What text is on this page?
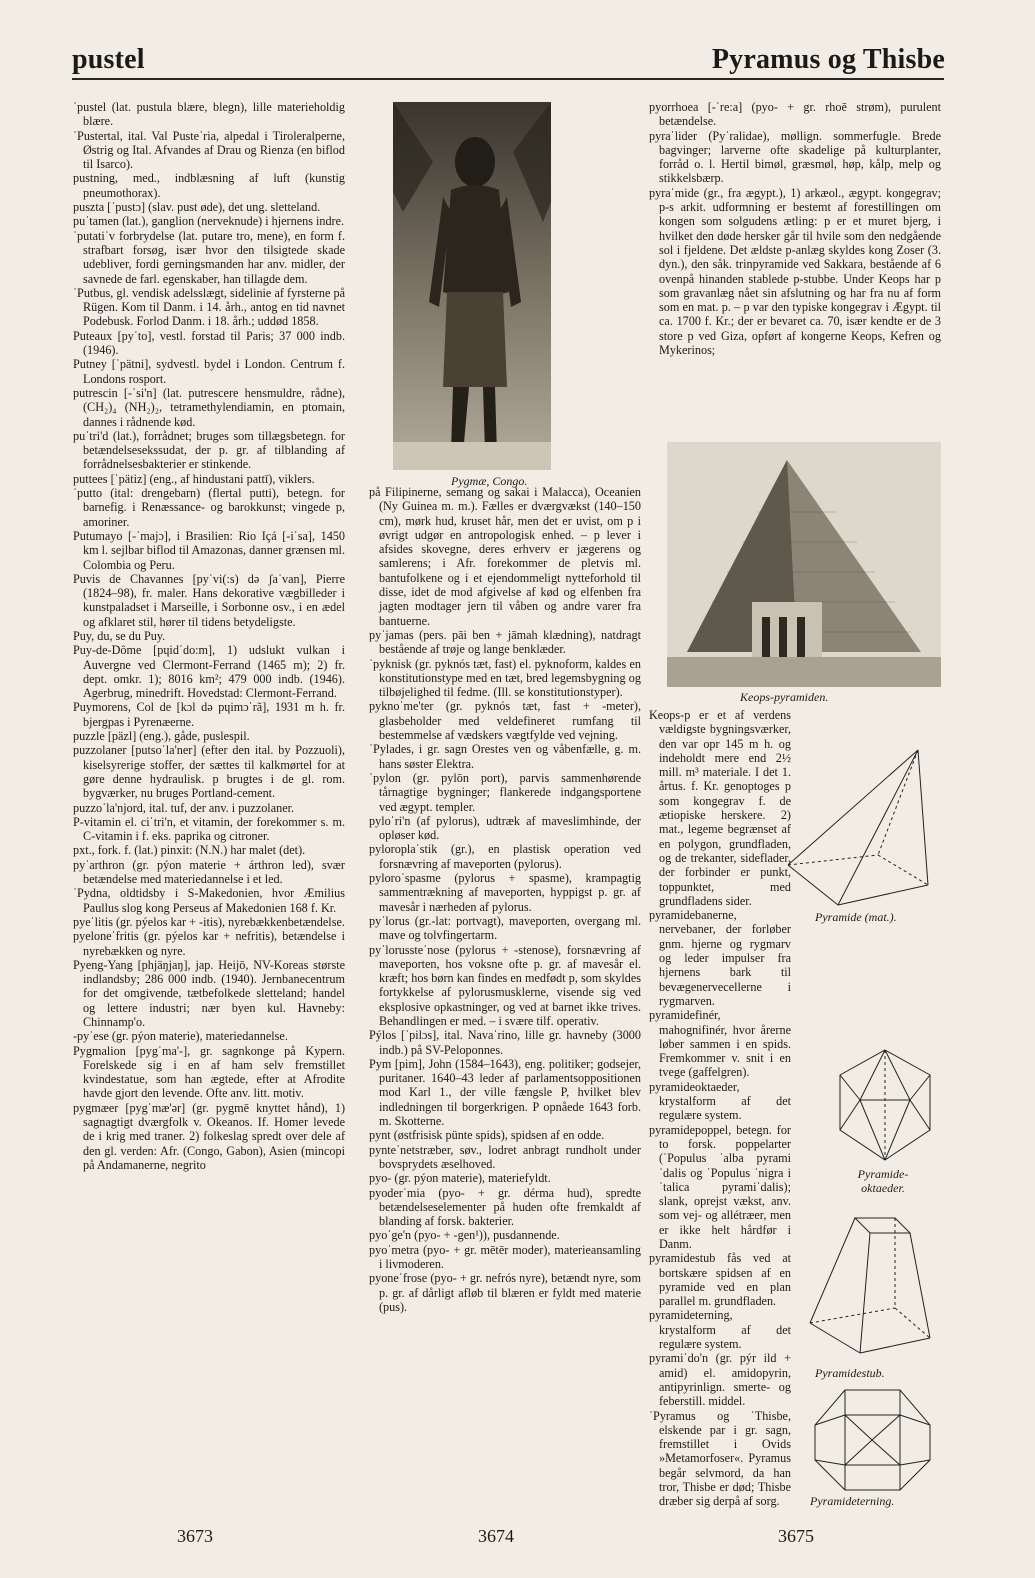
pustel	Pyramus og Thisbe

ˈpustel (lat. pustula blære, blegn), lille materieholdig blære.

ˈPustertal, ital. Val Pusteˈria, alpedal i Tiroleralperne, Østrig og Ital. Afvandes af Drau og Rienza (en biflod til Isarco).

pustning, med., indblæsning af luft (kunstig pneumothorax).

puszta [ˈpustɔ] (slav. pust øde), det ung. sletteland.

puˈtamen (lat.), ganglion (nerveknude) i hjernens indre.

ˈputatiˈv forbrydelse (lat. putare tro, mene), en form f. strafbart forsøg, især hvor den tilsigtede skade udebliver, fordi gerningsmanden har anv. midler, der savnede de farl. egenskaber, han tillagde dem.

ˈPutbus, gl. vendisk adelsslægt, sidelinie af fyrsterne på Rügen. Kom til Danm. i 14. årh., antog en tid navnet Podebusk. Forlod Danm. i 18. årh.; uddød 1858.

Puteaux [pyˈto], vestl. forstad til Paris; 37 000 indb. (1946).

Putney [ˈpätni], sydvestl. bydel i London. Centrum f. Londons rosport.

putrescin [-ˈsi'n] (lat. putrescere hensmuldre, rådne), (CH₂)₄ (NH₂)₂, tetramethylendiamin, en ptomain, dannes i rådnende kød.

puˈtri'd (lat.), forrådnet; bruges som tillægsbetegn. for betændelsesekssudat, der p. gr. af tilblanding af forrådnelsesbakterier er stinkende.

puttees [ˈpätiz] (eng., af hindustani pattī), viklers.

ˈputto (ital: drengebarn) (flertal putti), betegn. for barnefig. i Renæssance- og barokkunst; vingede p, amoriner.

Putumayo [-ˈmajɔ], i Brasilien: Rio Içá [-iˈsa], 1450 km l. sejlbar biflod til Amazonas, danner grænsen ml. Colombia og Peru.

Puvis de Chavannes [pyˈvi(:s) də ʃaˈvan], Pierre (1824–98), fr. maler. Hans dekorative vægbilleder i kunstpaladset i Marseille, i Sorbonne osv., i en ædel og afklaret stil, hører til tidens betydeligste.

Puy, du, se du Puy.

Puy-de-Dôme [pɥidˈdo:m], 1) udslukt vulkan i Auvergne ved Clermont-Ferrand (1465 m); 2) fr. dept. omkr. 1); 8016 km²; 479 000 indb. (1946). Agerbrug, minedrift. Hovedstad: Clermont-Ferrand.

Puymorens, Col de [kɔl də pɥimɔˈrã], 1931 m h. fr. bjergpas i Pyrenæerne.

puzzle [päzl] (eng.), gåde, puslespil.

puzzolaner [putsoˈla'ner] (efter den ital. by Pozzuoli), kiselsyrerige stoffer, der sættes til kalkmørtel for at gøre denne hydraulisk. p brugtes i de gl. rom. bygværker, nu bruges Portland-cement.

puzzoˈla'njord, ital. tuf, der anv. i puzzolaner.

P-vitamin el. ciˈtri'n, et vitamin, der forekommer s. m. C-vitamin i f. eks. paprika og citroner.

pxt., fork. f. (lat.) pinxit: (N.N.) har malet (det).

pyˈarthron (gr. pýon materie + árthron led), svær betændelse med materiedannelse i et led.

ˈPydna, oldtidsby i S-Makedonien, hvor Æmilius Paullus slog kong Perseus af Makedonien 168 f. Kr.

pyeˈlitis (gr. pýelos kar + -itis), nyrebækkenbetændelse.

pyeloneˈfritis (gr. pýelos kar + nefritis), betændelse i nyrebækken og nyre.

Pyeng-Yang [phjäŋjaŋ], jap. Heijō, NV-Koreas største indlandsby; 286 000 indb. (1940). Jernbanecentrum for det omgivende, tætbefolkede sletteland; handel og lettere industri; nær byen kul. Havneby: Chinnamp'o.

-pyˈese (gr. pýon materie), materiedannelse.

Pygmalion [pygˈma'-], gr. sagnkonge på Kypern. Forelskede sig i en af ham selv fremstillet kvindestatue, som han ægtede, efter at Afrodite havde gjort den levende. Ofte anv. litt. motiv.

pygmæer [pygˈmæ'ər] (gr. pygmē knyttet hånd), 1) sagnagtigt dværgfolk v. Okeanos. If. Homer levede de i krig med traner. 2) folkeslag spredt over dele af den gl. verden: Afr. (Congo, Gabon), Asien (mincopi på Andamanerne, negrito

Pygmæ, Congo.

på Filipinerne, semang og sakai i Malacca), Oceanien (Ny Guinea m. m.). Fælles er dværgvækst (140–150 cm), mørk hud, kruset hår, men det er uvist, om p i øvrigt udgør en antropologisk enhed. – p lever i afsides skovegne, deres erhverv er jægerens og samlerens; i Afr. forekommer de pletvis ml. bantufolkene og i et ejendommeligt nytteforhold til disse, idet de mod afgivelse af kød og elfenben fra jagten modtager jern til våben og andre varer fra bantuerne.

pyˈjamas (pers. pāi ben + jāmah klædning), natdragt bestående af trøje og lange benklæder.

ˈpyknisk (gr. pyknós tæt, fast) el. pyknoform, kaldes en konstitutionstype med en tæt, bred legemsbygning og tilbøjelighed til fedme. (Ill. se konstitutionstyper).

pyknoˈme'ter (gr. pyknós tæt, fast + -meter), glasbeholder med veldefineret rumfang til bestemmelse af vædskers vægtfylde ved vejning.

ˈPylades, i gr. sagn Orestes ven og våbenfælle, g. m. hans søster Elektra.

ˈpylon (gr. pylōn port), parvis sammenhørende tårnagtige bygninger; flankerede indgangsportene ved ægypt. templer.

pyloˈri'n (af pylorus), udtræk af maveslimhinde, der opløser kød.

pyloroplaˈstik (gr.), en plastisk operation ved forsnævring af maveporten (pylorus).

pyloroˈspasme (pylorus + spasme), krampagtig sammentrækning af maveporten, hyppigst p. gr. af mavesår i nærheden af pylorus.

pyˈlorus (gr.-lat: portvagt), maveporten, overgang ml. mave og tolvfingertarm.

pyˈlorussteˈnose (pylorus + -stenose), forsnævring af maveporten, hos voksne ofte p. gr. af mavesår el. kræft; hos børn kan findes en medfødt p, som skyldes fortykkelse af pylorusmusklerne, visende sig ved eksplosive opkastninger, og ved at barnet ikke trives. Behandlingen er med. – i svære tilf. operativ.

Pýlos [ˈpilɔs], ital. Navaˈrino, lille gr. havneby (3000 indb.) på SV-Peloponnes.

Pym [pim], John (1584–1643), eng. politiker; godsejer, puritaner. 1640–43 leder af parlamentsoppositionen mod Karl 1., der ville fængsle P, hvilket blev indledningen til borgerkrigen. P opnåede 1643 forb. m. Skotterne.

pynt (østfrisisk pünte spids), spidsen af en odde.

pynteˈnetstræber, søv., lodret anbragt rundholt under bovsprydets æselhoved.

pyo- (gr. pýon materie), materiefyldt.

pyoderˈmia (pyo- + gr. dérma hud), spredte betændelseselementer på huden ofte fremkaldt af blanding af forsk. bakterier.

pyoˈge'n (pyo- + -gen¹)), pusdannende.

pyoˈmetra (pyo- + gr. mētēr moder), materieansamling i livmoderen.

pyoneˈfrose (pyo- + gr. nefrós nyre), betændt nyre, som p. gr. af dårligt afløb til blæren er fyldt med materie (pus).

pyorrhoea [-ˈre:a] (pyo- + gr. rhoē strøm), purulent betændelse.

pyraˈlider (Pyˈralidae), møllign. sommerfugle. Brede bagvinger; larverne ofte skadelige på kulturplanter, forråd o. l. Hertil bimøl, græsmøl, høp, kålp, melp og stikkelsbærp.

pyraˈmide (gr., fra ægypt.), 1) arkæol., ægypt. kongegrav; p-s arkit. udformning er bestemt af forestillingen om kongen som solgudens ætling: p er et muret bjerg, i hvilket den døde hersker går til hvile som den nedgående sol i fjeldene. Det ældste p-anlæg skyldes kong Zoser (3. dyn.), den såk. trinpyramide ved Sakkara, bestående af 6 ovenpå hinanden stablede p-stubbe. Under Keops har p som gravanlæg nået sin afslutning og har fra nu af form som en mat. p. – p var den typiske kongegrav i Ægypt. til ca. 1700 f. Kr.; der er bevaret ca. 70, især kendte er de 3 store p ved Giza, opført af kongerne Keops, Kefren og Mykerinos;

Keops-pyramiden.

Keops-p er et af verdens vældigste bygningsværker, den var opr 145 m h. og indeholdt mere end 2½ mill. m³ materiale. I det 1. årtus. f. Kr. genoptoges p som kongegrav f. de ætiopiske herskere. 2) mat., legeme begrænset af en polygon, grundfladen, og de trekanter, sideflader, der forbinder er punkt, toppunktet, med grundfladens sider.

pyramidebanerne, nervebaner, der forløber gnm. hjerne og rygmarv og leder impulser fra hjernens bark til bevægenervecellerne i rygmarven.

pyramidefinér, mahognifinér, hvor årerne løber sammen i en spids. Fremkommer v. snit i en tvege (gaffelgren).

pyramideoktaeder, krystalform af det regulære system.

pyramidepoppel, betegn. for to forsk. poppelarter (ˈPopulus ˈalba pyramiˈdalis og ˈPopulus ˈnigra iˈtalica pyramiˈdalis); slank, oprejst vækst, anv. som vej- og allétræer, men er ikke helt hårdfør i Danm.

pyramidestub fås ved at bortskære spidsen af en pyramide ved en plan parallel m. grundfladen.

pyramideterning, krystalform af det regulære system.

pyramiˈdo'n (gr. pýr ild + amid) el. amidopyrin, antipyrinlign. smerte- og feberstill. middel.

ˈPyramus og ˈThisbe, elskende par i gr. sagn, fremstillet i Ovids »Metamorfoser«. Pyramus begår selvmord, da han tror, Thisbe er død; Thisbe dræber sig derpå af sorg.

Pyramide (mat.).
Pyramide-oktaeder.
Pyramidestub.
Pyramideterning.
3673	3674	3675
